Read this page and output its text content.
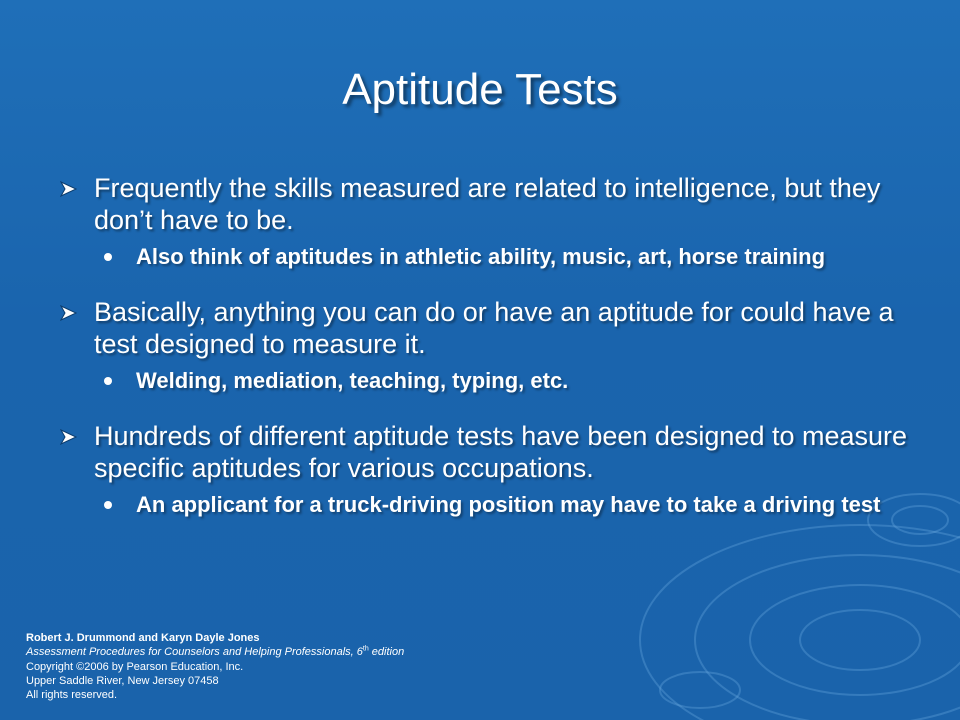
Aptitude Tests
Frequently the skills measured are related to intelligence, but they don’t have to be.
Also think of aptitudes in athletic ability, music, art, horse training
Basically, anything you can do or have an aptitude for could have a test designed to measure it.
Welding, mediation, teaching, typing, etc.
Hundreds of different aptitude tests have been designed to measure specific aptitudes for various occupations.
An applicant for a truck-driving position may have to take a driving test
Robert J. Drummond and Karyn Dayle Jones
Assessment Procedures for Counselors and Helping Professionals, 6th edition
Copyright ©2006 by Pearson Education, Inc.
Upper Saddle River, New Jersey 07458
All rights reserved.
